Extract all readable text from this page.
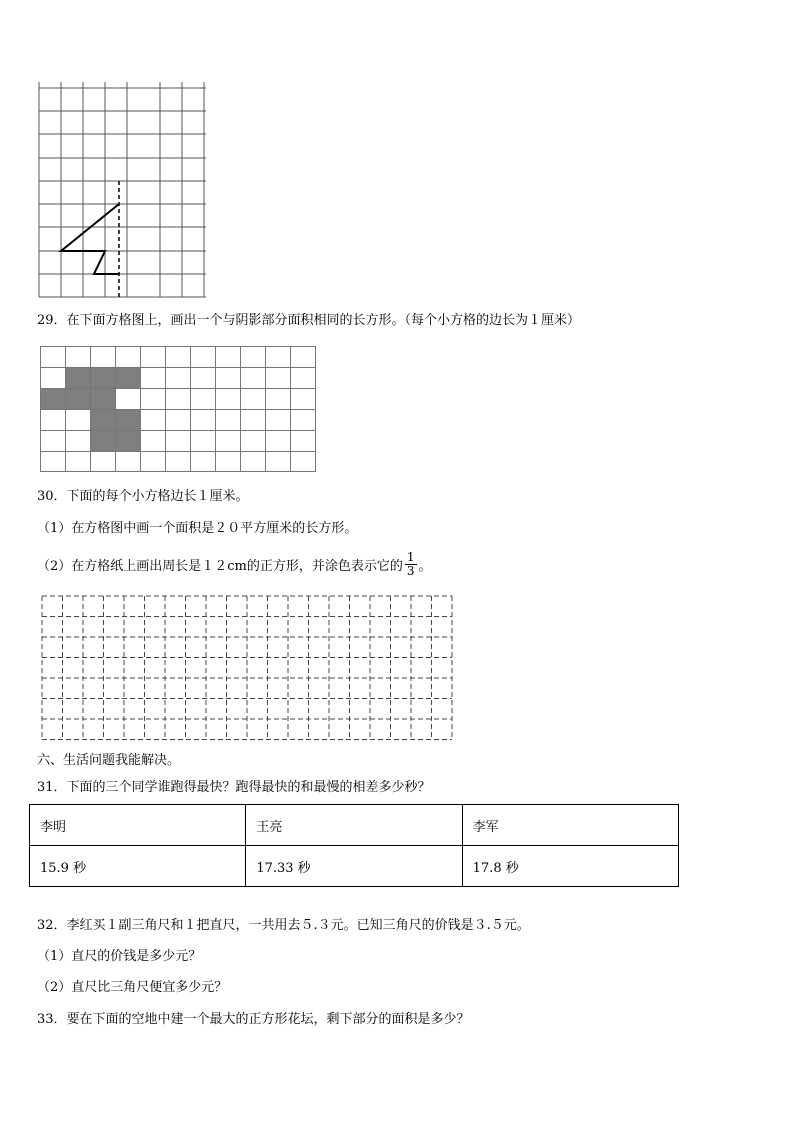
29．在下面方格图上，画出一个与阴影部分面积相同的长方形。（每个小方格的边长为１厘米）
30．下面的每个小方格边长１厘米。
（1）在方格图中画一个面积是２０平方厘米的长方形。
（2）在方格纸上画出周长是１２cm的正方形，并涂色表示它的 $\frac{1}{3}$ 。
六、生活问题我能解决。
31．下面的三个同学谁跑得最快？跑得最快的和最慢的相差多少秒？
李明	王亮	李军
15.9 秒	17.33 秒	17.8 秒
32．李红买１副三角尺和１把直尺，一共用去５.３元。已知三角尺的价钱是３.５元。
（1）直尺的价钱是多少元？
（2）直尺比三角尺便宜多少元？
33．要在下面的空地中建一个最大的正方形花坛，剩下部分的面积是多少？
